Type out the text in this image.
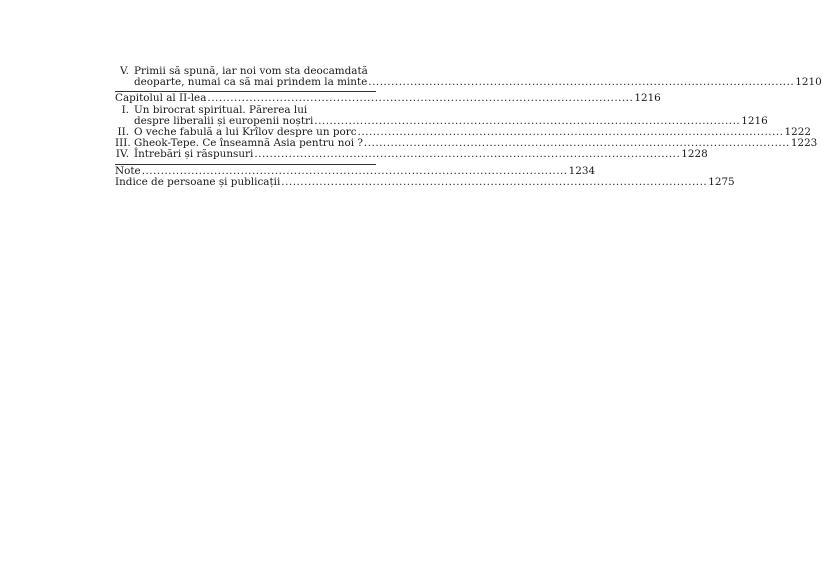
V. Primii să spună, iar noi vom sta deocamdată
deoparte, numai ca să mai prindem la minte .....	1210
Capitolul al II-lea .....	1216
I. Un birocrat spiritual. Părerea lui
despre liberalii și europenii noștri .....	1216
II. O veche fabulă a lui Krîlov despre un porc .....	1222
III. Gheok-Tepe. Ce înseamnă Asia pentru noi ? .....	1223
IV. Întrebări și răspunsuri .....	1228
Note .....	1234
Indice de persoane și publicații .....	1275
